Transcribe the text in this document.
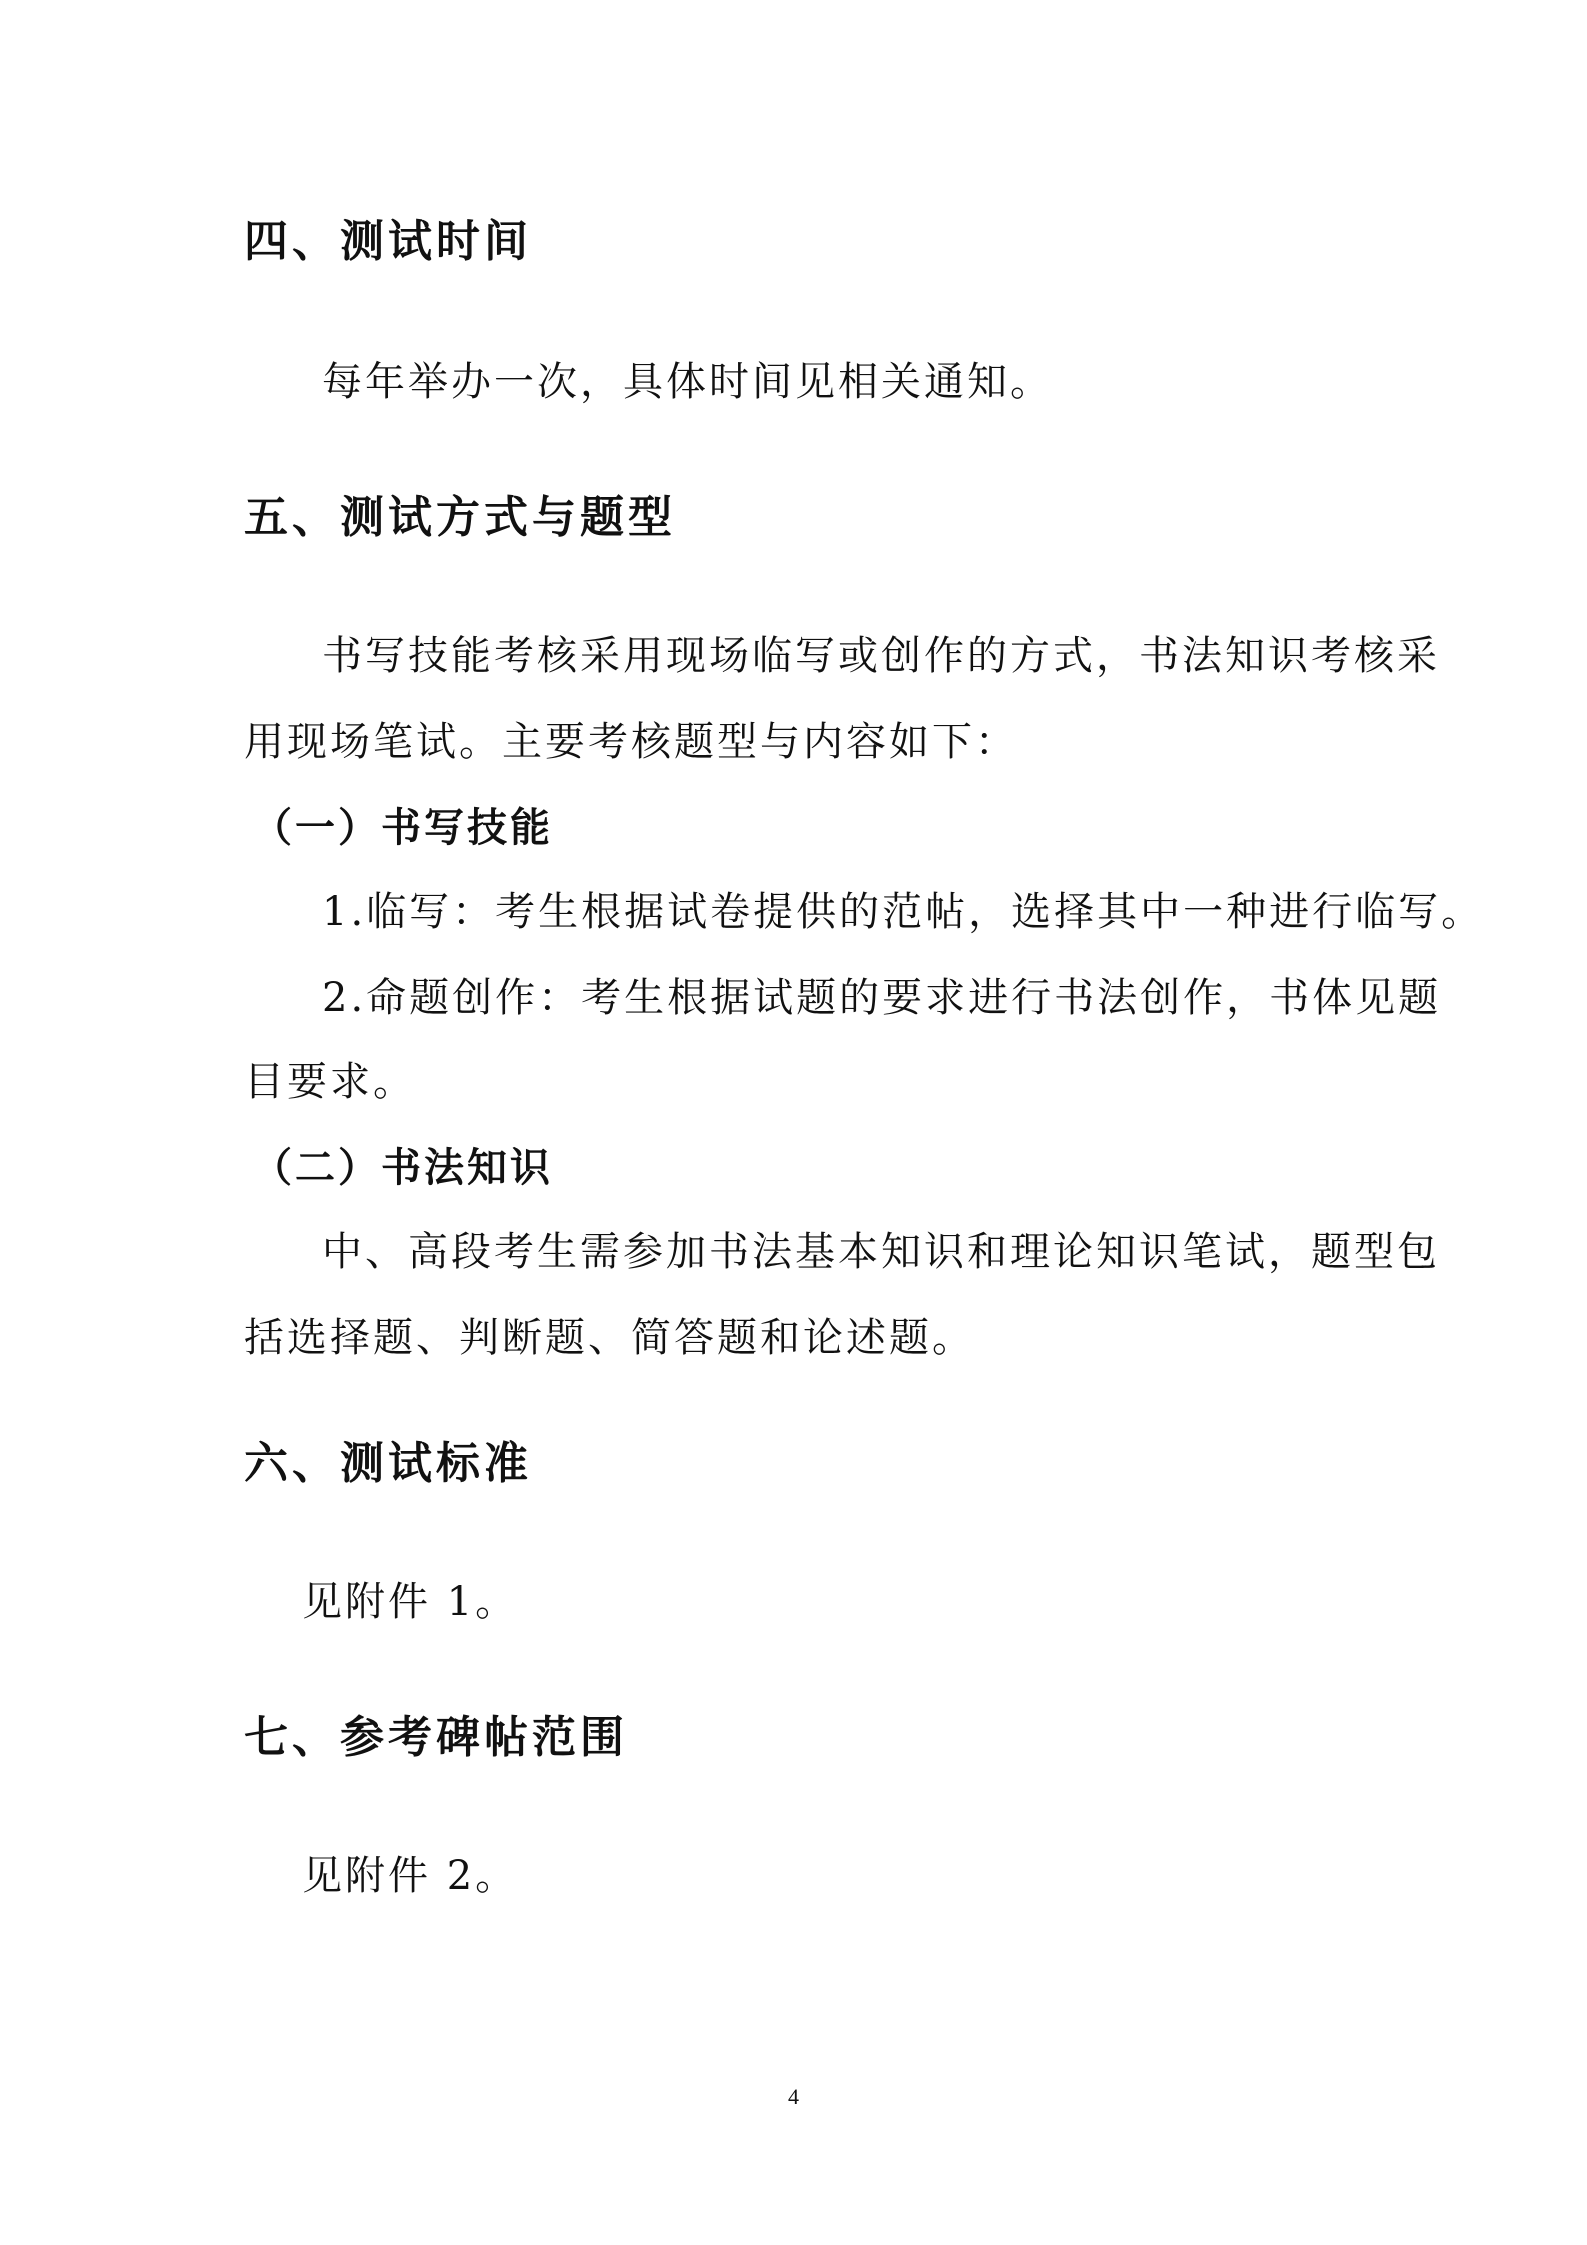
四、测试时间
每年举办一次，具体时间见相关通知。
五、测试方式与题型
书写技能考核采用现场临写或创作的方式，书法知识考核采
用现场笔试。主要考核题型与内容如下：
（一）书写技能
1.临写：考生根据试卷提供的范帖，选择其中一种进行临写。
2.命题创作：考生根据试题的要求进行书法创作，书体见题
目要求。
（二）书法知识
中、高段考生需参加书法基本知识和理论知识笔试，题型包
括选择题、判断题、简答题和论述题。
六、测试标准
见附件 1。
七、参考碑帖范围
见附件 2。
4
